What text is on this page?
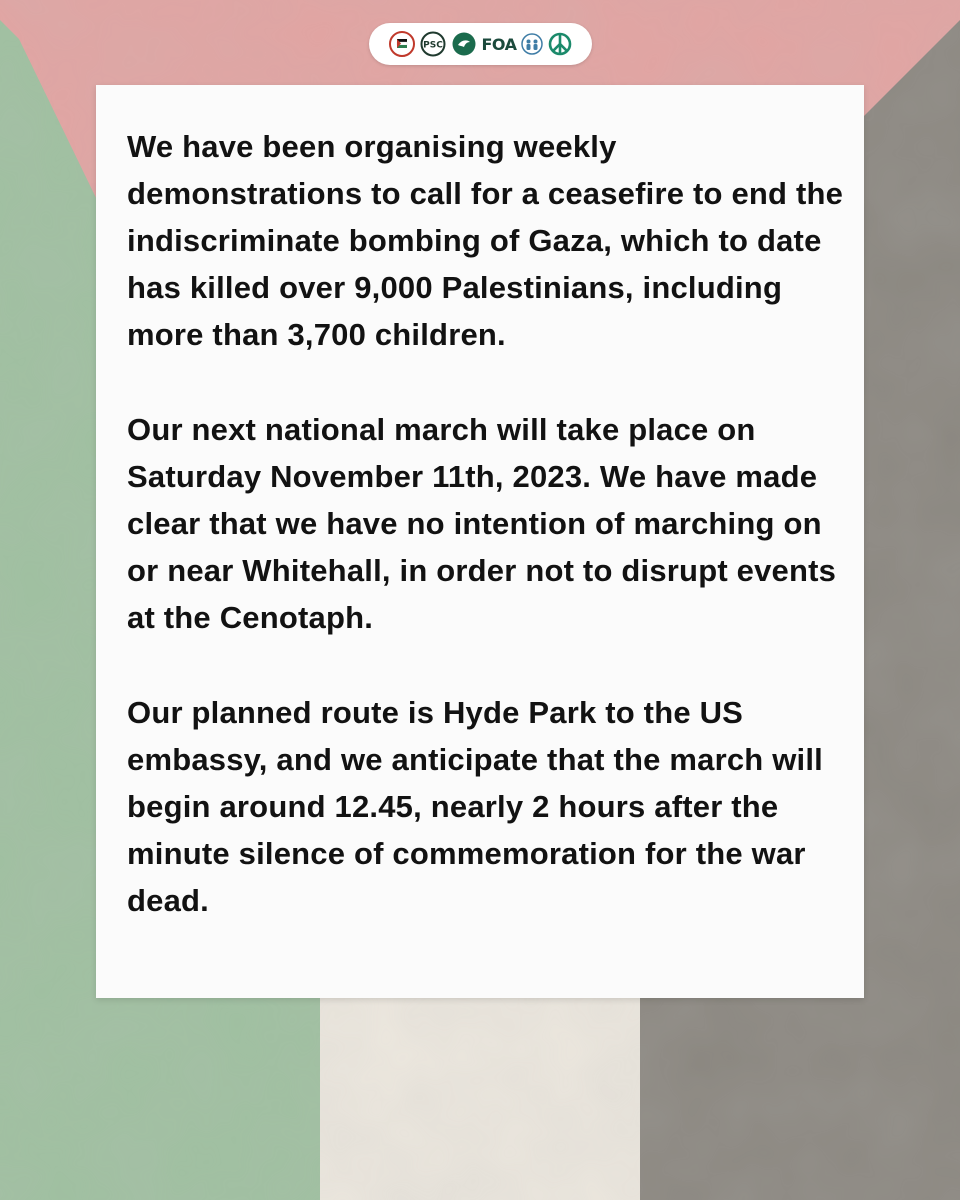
PSC FOA

We have been organising weekly demonstrations to call for a ceasefire to end the indiscriminate bombing of Gaza, which to date has killed over 9,000 Palestinians, including more than 3,700 children.

Our next national march will take place on Saturday November 11th, 2023. We have made clear that we have no intention of marching on or near Whitehall, in order not to disrupt events at the Cenotaph.

Our planned route is Hyde Park to the US embassy, and we anticipate that the march will begin around 12.45, nearly 2 hours after the minute silence of commemoration for the war dead.
